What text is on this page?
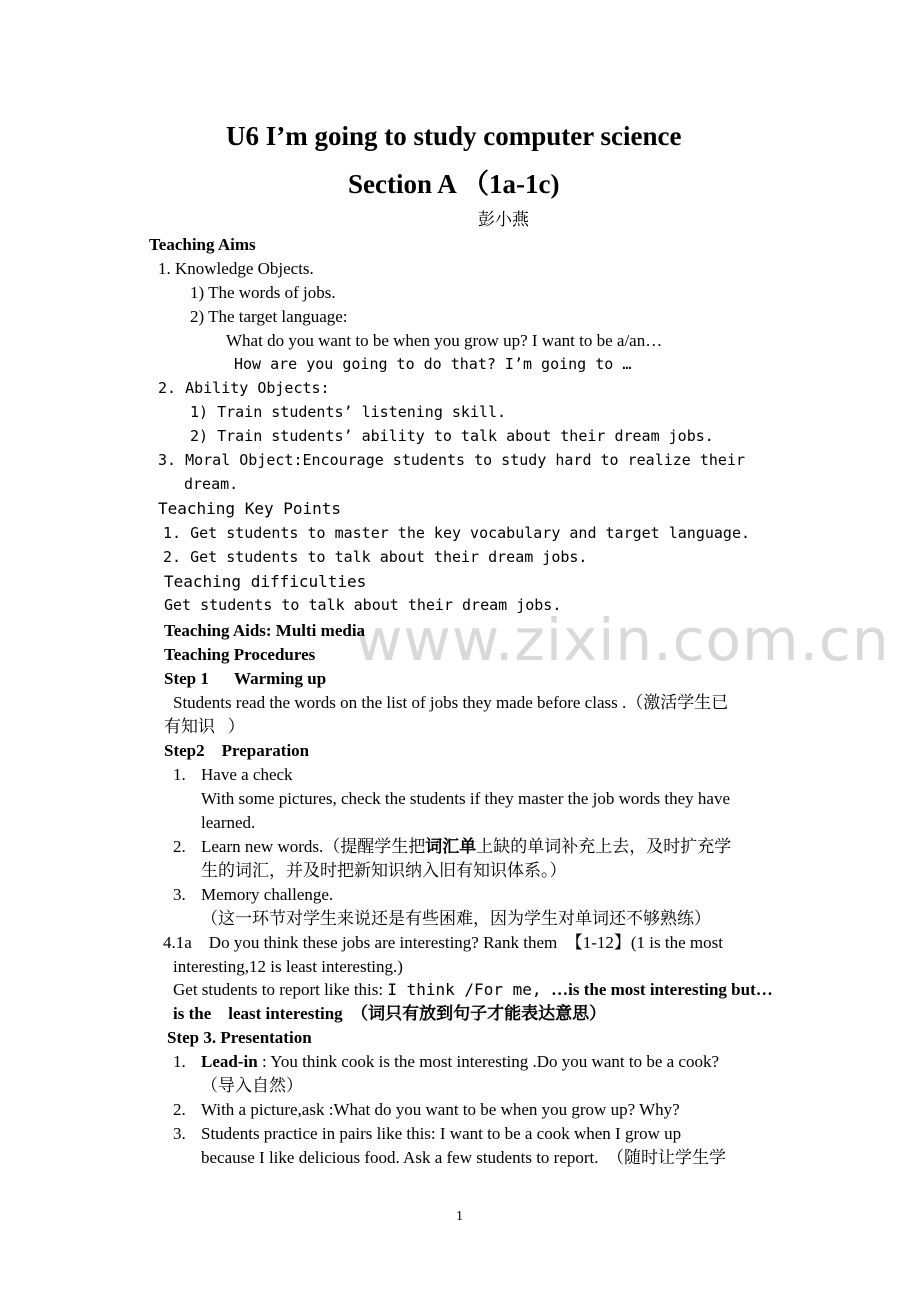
U6 I’m going to study computer science
Section A （1a-1c)
彭小燕
www.zixin.com.cn
Teaching Aims
1. Knowledge Objects.
1) The words of jobs.
2) The target language:
What do you want to be when you grow up? I want to be a/an…
How are you going to do that? I’m going to …
2. Ability Objects:
1) Train students’ listening skill.
2) Train students’ ability to talk about their dream jobs.
3. Moral Object:Encourage students to study hard to realize their
dream.
Teaching Key Points
1. Get students to master the key vocabulary and target language.
2. Get students to talk about their dream jobs.
Teaching difficulties
Get students to talk about their dream jobs.
Teaching Aids: Multi media
Teaching Procedures
Step 1      Warming up
Students read the words on the list of jobs they made before class .（激活学生已
有知识   ）
Step2    Preparation
1. Have a check
With some pictures, check the students if they master the job words they have
learned.
2. Learn new words.（提醒学生把词汇单上缺的单词补充上去，及时扩充学
生的词汇，并及时把新知识纳入旧有知识体系。）
3. Memory challenge.
（这一环节对学生来说还是有些困难，因为学生对单词还不够熟练）
4.1a    Do you think these jobs are interesting? Rank them  【1-12】(1 is the most
interesting,12 is least interesting.)
Get students to report like this: I think /For me, …is the most interesting but…
is the    least interesting  （词只有放到句子才能表达意思）
Step 3. Presentation
1. Lead-in : You think cook is the most interesting .Do you want to be a cook?
（导入自然）
2. With a picture,ask :What do you want to be when you grow up? Why?
3. Students practice in pairs like this: I want to be a cook when I grow up
because I like delicious food. Ask a few students to report.  （随时让学生学
1
